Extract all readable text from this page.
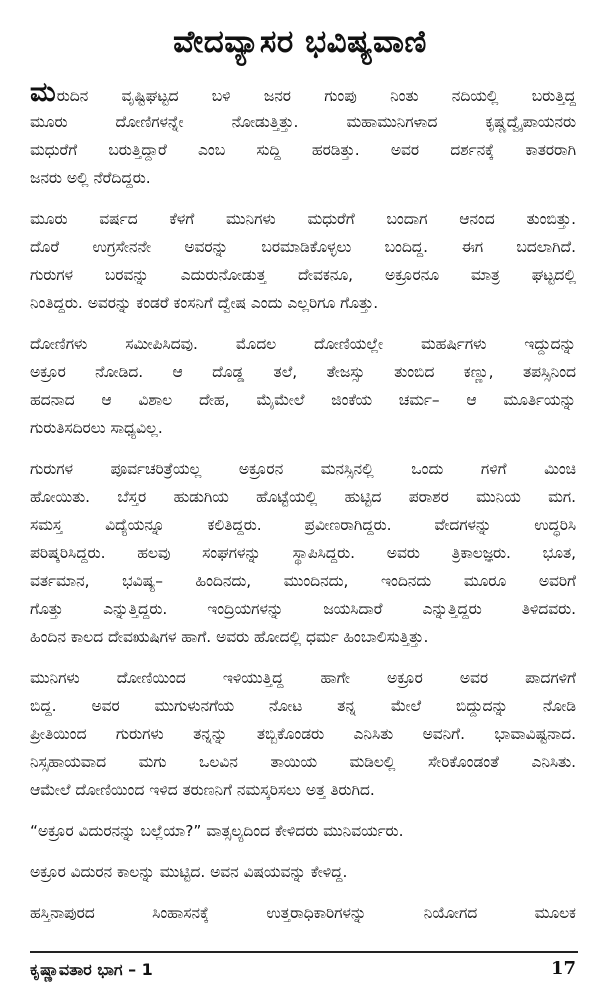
ವೇದವ್ಯಾಸರ ಭವಿಷ್ಯವಾಣಿ
ಮರುದಿನ ವೃಷ್ಟಿಘಟ್ಟದ ಬಳಿ ಜನರ ಗುಂಪು ನಿಂತು ನದಿಯಲ್ಲಿ ಬರುತ್ತಿದ್ದ
ಮೂರು ದೋಣಿಗಳನ್ನೇ ನೋಡುತ್ತಿತ್ತು. ಮಹಾಮುನಿಗಳಾದ ಕೃಷ್ಣದ್ವೈಪಾಯನರು
ಮಧುರೆಗೆ ಬರುತ್ತಿದ್ದಾರೆ ಎಂಬ ಸುದ್ದಿ ಹರಡಿತ್ತು. ಅವರ ದರ್ಶನಕ್ಕೆ ಕಾತರರಾಗಿ
ಜನರು ಅಲ್ಲಿ ನೆರೆದಿದ್ದರು.
ಮೂರು ವರ್ಷದ ಕೆಳಗೆ ಮುನಿಗಳು ಮಧುರೆಗೆ ಬಂದಾಗ ಆನಂದ ತುಂಬಿತ್ತು.
ದೊರೆ ಉಗ್ರಸೇನನೇ ಅವರನ್ನು ಬರಮಾಡಿಕೊಳ್ಳಲು ಬಂದಿದ್ದ. ಈಗ ಬದಲಾಗಿದೆ.
ಗುರುಗಳ ಬರವನ್ನು ಎದುರುನೋಡುತ್ತ ದೇವಕನೂ, ಅಕ್ರೂರನೂ ಮಾತ್ರ ಘಟ್ಟದಲ್ಲಿ
ನಿಂತಿದ್ದರು. ಅವರನ್ನು ಕಂಡರೆ ಕಂಸನಿಗೆ ದ್ವೇಷ ಎಂದು ಎಲ್ಲರಿಗೂ ಗೊತ್ತು.
ದೋಣಿಗಳು ಸಮೀಪಿಸಿದವು. ಮೊದಲ ದೋಣಿಯಲ್ಲೇ ಮಹರ್ಷಿಗಳು ಇದ್ದುದನ್ನು
ಅಕ್ರೂರ ನೋಡಿದ. ಆ ದೊಡ್ಡ ತಲೆ, ತೇಜಸ್ಸು ತುಂಬಿದ ಕಣ್ಣು, ತಪಸ್ಸಿನಿಂದ
ಹದನಾದ ಆ ವಿಶಾಲ ದೇಹ, ಮೈಮೇಲೆ ಜಿಂಕೆಯ ಚರ್ಮ– ಆ ಮೂರ್ತಿಯನ್ನು
ಗುರುತಿಸದಿರಲು ಸಾಧ್ಯವಿಲ್ಲ.
ಗುರುಗಳ ಪೂರ್ವಚರಿತ್ರೆಯಲ್ಲ ಅಕ್ರೂರನ ಮನಸ್ಸಿನಲ್ಲಿ ಒಂದು ಗಳಿಗೆ ಮಿಂಚಿ
ಹೋಯಿತು. ಬೆಸ್ತರ ಹುಡುಗಿಯ ಹೊಟ್ಟೆಯಲ್ಲಿ ಹುಟ್ಟಿದ ಪರಾಶರ ಮುನಿಯ ಮಗ.
ಸಮಸ್ತ ವಿದ್ಯೆಯನ್ನೂ ಕಲಿತಿದ್ದರು. ಪ್ರವೀಣರಾಗಿದ್ದರು. ವೇದಗಳನ್ನು ಉದ್ಧರಿಸಿ
ಪರಿಷ್ಕರಿಸಿದ್ದರು. ಹಲವು ಸಂಘಗಳನ್ನು ಸ್ಥಾಪಿಸಿದ್ದರು. ಅವರು ತ್ರಿಕಾಲಜ್ಞರು. ಭೂತ,
ವರ್ತಮಾನ, ಭವಿಷ್ಯ– ಹಿಂದಿನದು, ಮುಂದಿನದು, ಇಂದಿನದು ಮೂರೂ ಅವರಿಗೆ
ಗೊತ್ತು ಎನ್ನುತ್ತಿದ್ದರು. ಇಂದ್ರಿಯಗಳನ್ನು ಜಯಸಿದಾರೆ ಎನ್ನುತ್ತಿದ್ದರು ತಿಳಿದವರು.
ಹಿಂದಿನ ಕಾಲದ ದೇವಋಷಿಗಳ ಹಾಗೆ. ಅವರು ಹೋದಲ್ಲಿ ಧರ್ಮ ಹಿಂಬಾಲಿಸುತ್ತಿತ್ತು.
ಮುನಿಗಳು ದೋಣಿಯಿಂದ ಇಳಿಯುತ್ತಿದ್ದ ಹಾಗೇ ಅಕ್ರೂರ ಅವರ ಪಾದಗಳಿಗೆ
ಬಿದ್ದ. ಅವರ ಮುಗುಳುನಗೆಯ ನೋಟ ತನ್ನ ಮೇಲೆ ಬಿದ್ದುದನ್ನು ನೋಡಿ
ಪ್ರೀತಿಯಿಂದ ಗುರುಗಳು ತನ್ನನ್ನು ತಬ್ಬಿಕೊಂಡರು ಎನಿಸಿತು ಅವನಿಗೆ. ಭಾವಾವಿಷ್ಟನಾದ.
ನಿಸ್ಸಹಾಯವಾದ ಮಗು ಒಲವಿನ ತಾಯಿಯ ಮಡಿಲಲ್ಲಿ ಸೇರಿಕೊಂಡಂತೆ ಎನಿಸಿತು.
ಆಮೇಲೆ ದೋಣಿಯಿಂದ ಇಳಿದ ತರುಣನಿಗೆ ನಮಸ್ಕರಿಸಲು ಅತ್ತ ತಿರುಗಿದ.
“ಅಕ್ರೂರ ವಿದುರನನ್ನು ಬಲ್ಲೆಯಾ?” ವಾತ್ಸಲ್ಯದಿಂದ ಕೇಳಿದರು ಮುನಿವರ್ಯರು.
ಅಕ್ರೂರ ವಿದುರನ ಕಾಲನ್ನು ಮುಟ್ಟಿದ. ಅವನ ವಿಷಯವನ್ನು ಕೇಳಿದ್ದ.
ಹಸ್ತಿನಾಪುರದ ಸಿಂಹಾಸನಕ್ಕೆ ಉತ್ತರಾಧಿಕಾರಿಗಳನ್ನು ನಿಯೋಗದ ಮೂಲಕ
ಕೃಷ್ಣಾವತಾರ ಭಾಗ – 1	17
